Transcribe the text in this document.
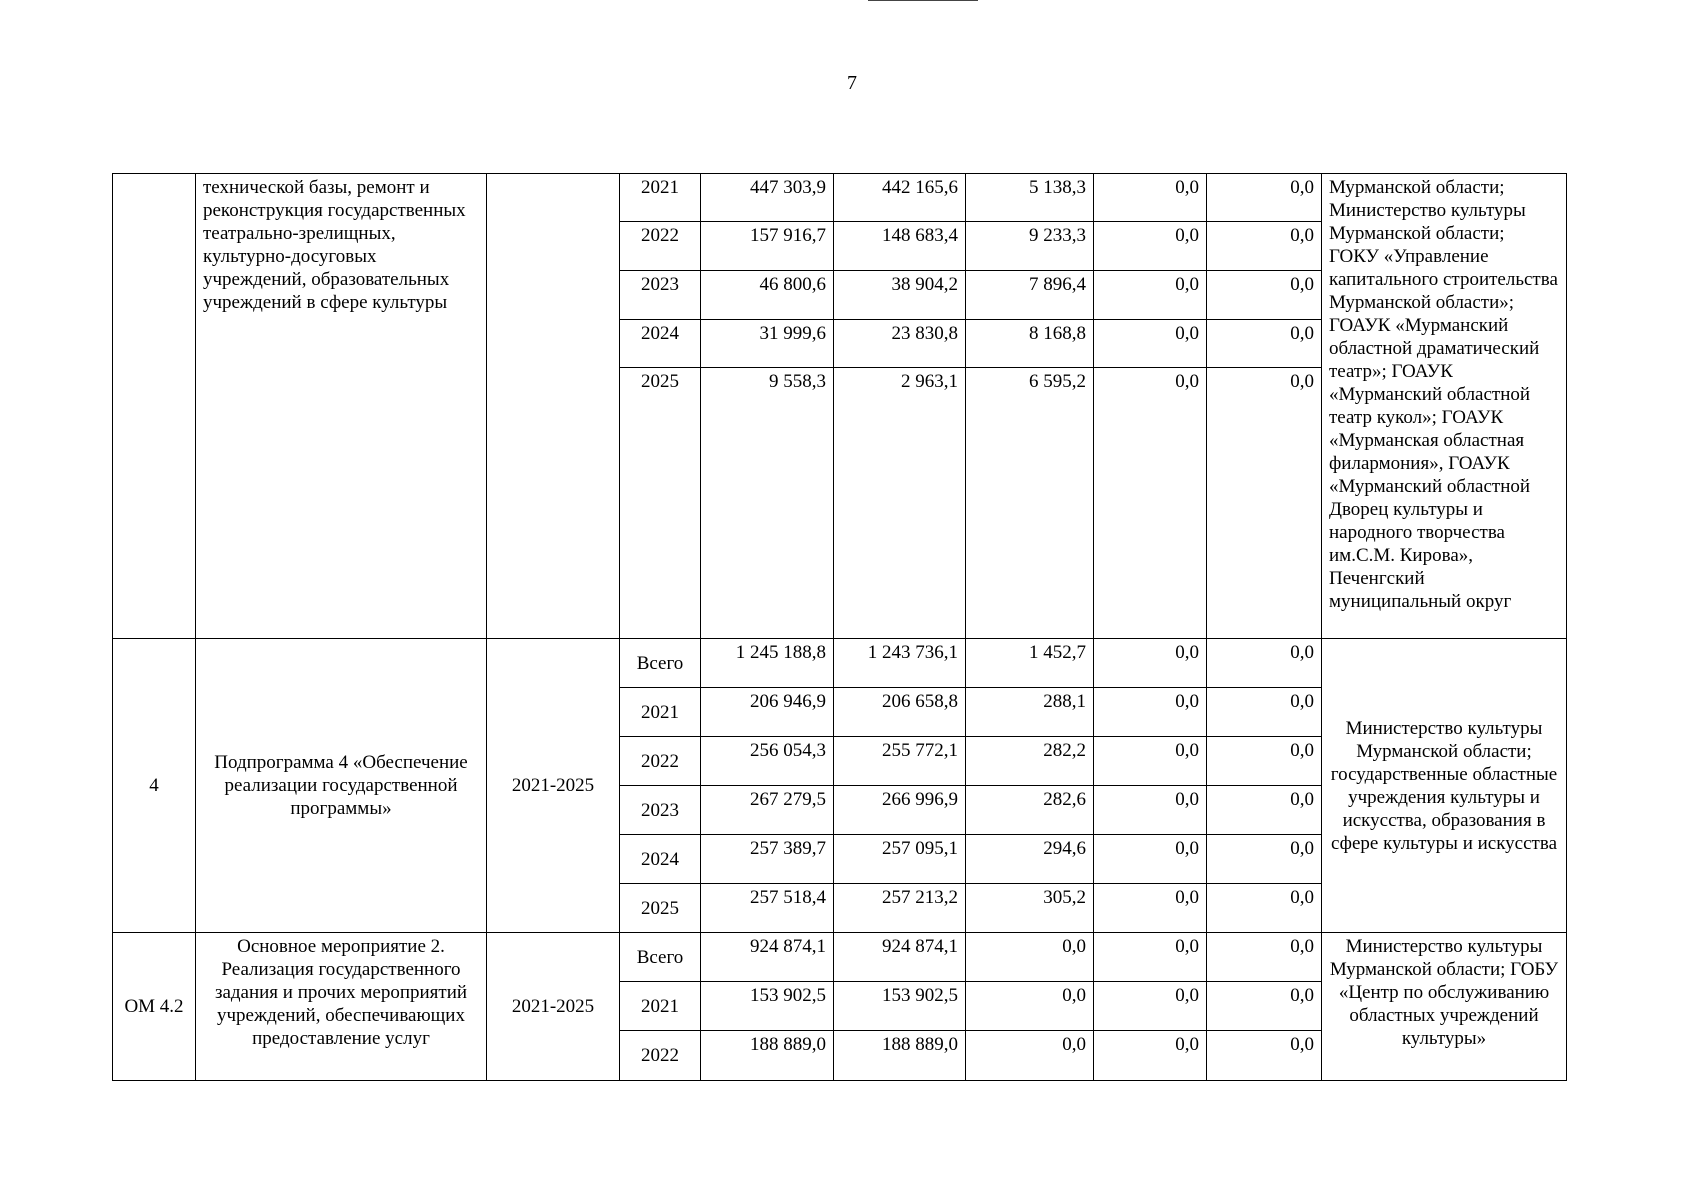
7
	технической базы, ремонт и реконструкция государственных театрально-зрелищных, культурно-досуговых учреждений, образовательных учреждений в сфере культуры		2021	447 303,9	442 165,6	5 138,3	0,0	0,0	Мурманской области; Министерство культуры Мурманской области; ГОКУ «Управление капитального строительства Мурманской области»; ГОАУК «Мурманский областной драматический театр»; ГОАУК «Мурманский областной театр кукол»; ГОАУК «Мурманская областная филармония», ГОАУК «Мурманский областной Дворец культуры и народного творчества им.С.М. Кирова», Печенгский муниципальный округ
			2022	157 916,7	148 683,4	9 233,3	0,0	0,0	
			2023	46 800,6	38 904,2	7 896,4	0,0	0,0	
			2024	31 999,6	23 830,8	8 168,8	0,0	0,0	
			2025	9 558,3	2 963,1	6 595,2	0,0	0,0	
4	Подпрограмма 4 «Обеспечение реализации государственной программы»	2021-2025	Всего	1 245 188,8	1 243 736,1	1 452,7	0,0	0,0	Министерство культуры Мурманской области; государственные областные учреждения культуры и искусства, образования в сфере культуры и искусства
			2021	206 946,9	206 658,8	288,1	0,0	0,0	
			2022	256 054,3	255 772,1	282,2	0,0	0,0	
			2023	267 279,5	266 996,9	282,6	0,0	0,0	
			2024	257 389,7	257 095,1	294,6	0,0	0,0	
			2025	257 518,4	257 213,2	305,2	0,0	0,0	
ОМ 4.2	Основное мероприятие 2. Реализация государственного задания и прочих мероприятий учреждений, обеспечивающих предоставление услуг	2021-2025	Всего	924 874,1	924 874,1	0,0	0,0	0,0	Министерство культуры Мурманской области; ГОБУ «Центр по обслуживанию областных учреждений культуры»
			2021	153 902,5	153 902,5	0,0	0,0	0,0	
			2022	188 889,0	188 889,0	0,0	0,0	0,0	
